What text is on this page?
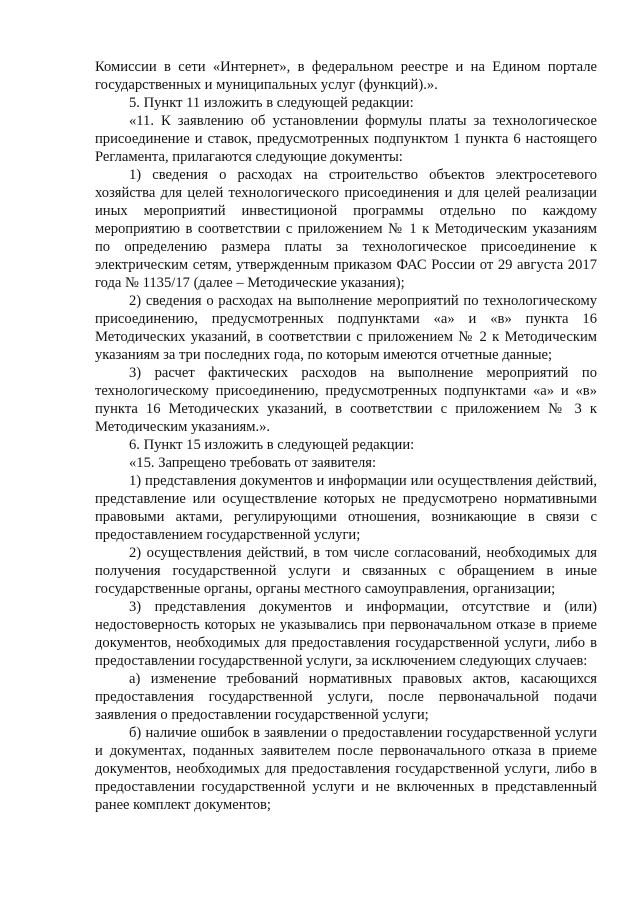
Комиссии в сети «Интернет», в федеральном реестре и на Едином портале государственных и муниципальных услуг (функций).».

5. Пункт 11 изложить в следующей редакции:

«11. К заявлению об установлении формулы платы за технологическое присоединение и ставок, предусмотренных подпунктом 1 пункта 6 настоящего Регламента, прилагаются следующие документы:

1) сведения о расходах на строительство объектов электросетевого хозяйства для целей технологического присоединения и для целей реализации иных мероприятий инвестиционой программы отдельно по каждому мероприятию в соответствии с приложением № 1 к Методическим указаниям по определению размера платы за технологическое присоединение к электрическим сетям, утвержденным приказом ФАС России от 29 августа 2017 года № 1135/17 (далее – Методические указания);

2) сведения о расходах на выполнение мероприятий по технологическому присоединению, предусмотренных подпунктами «а» и «в» пункта 16 Методических указаний, в соответствии с приложением № 2 к Методическим указаниям за три последних года, по которым имеются отчетные данные;

3) расчет фактических расходов на выполнение мероприятий по технологическому присоединению, предусмотренных подпунктами «а» и «в» пункта 16 Методических указаний, в соответствии с приложением № 3 к Методическим указаниям.».

6. Пункт 15 изложить в следующей редакции:

«15. Запрещено требовать от заявителя:

1) представления документов и информации или осуществления действий, представление или осуществление которых не предусмотрено нормативными правовыми актами, регулирующими отношения, возникающие в связи с предоставлением государственной услуги;

2) осуществления действий, в том числе согласований, необходимых для получения государственной услуги и связанных с обращением в иные государственные органы, органы местного самоуправления, организации;

3) представления документов и информации, отсутствие и (или) недостоверность которых не указывались при первоначальном отказе в приеме документов, необходимых для предоставления государственной услуги, либо в предоставлении государственной услуги, за исключением следующих случаев:

а) изменение требований нормативных правовых актов, касающихся предоставления государственной услуги, после первоначальной подачи заявления о предоставлении государственной услуги;

б) наличие ошибок в заявлении о предоставлении государственной услуги и документах, поданных заявителем после первоначального отказа в приеме документов, необходимых для предоставления государственной услуги, либо в предоставлении государственной услуги и не включенных в представленный ранее комплект документов;
